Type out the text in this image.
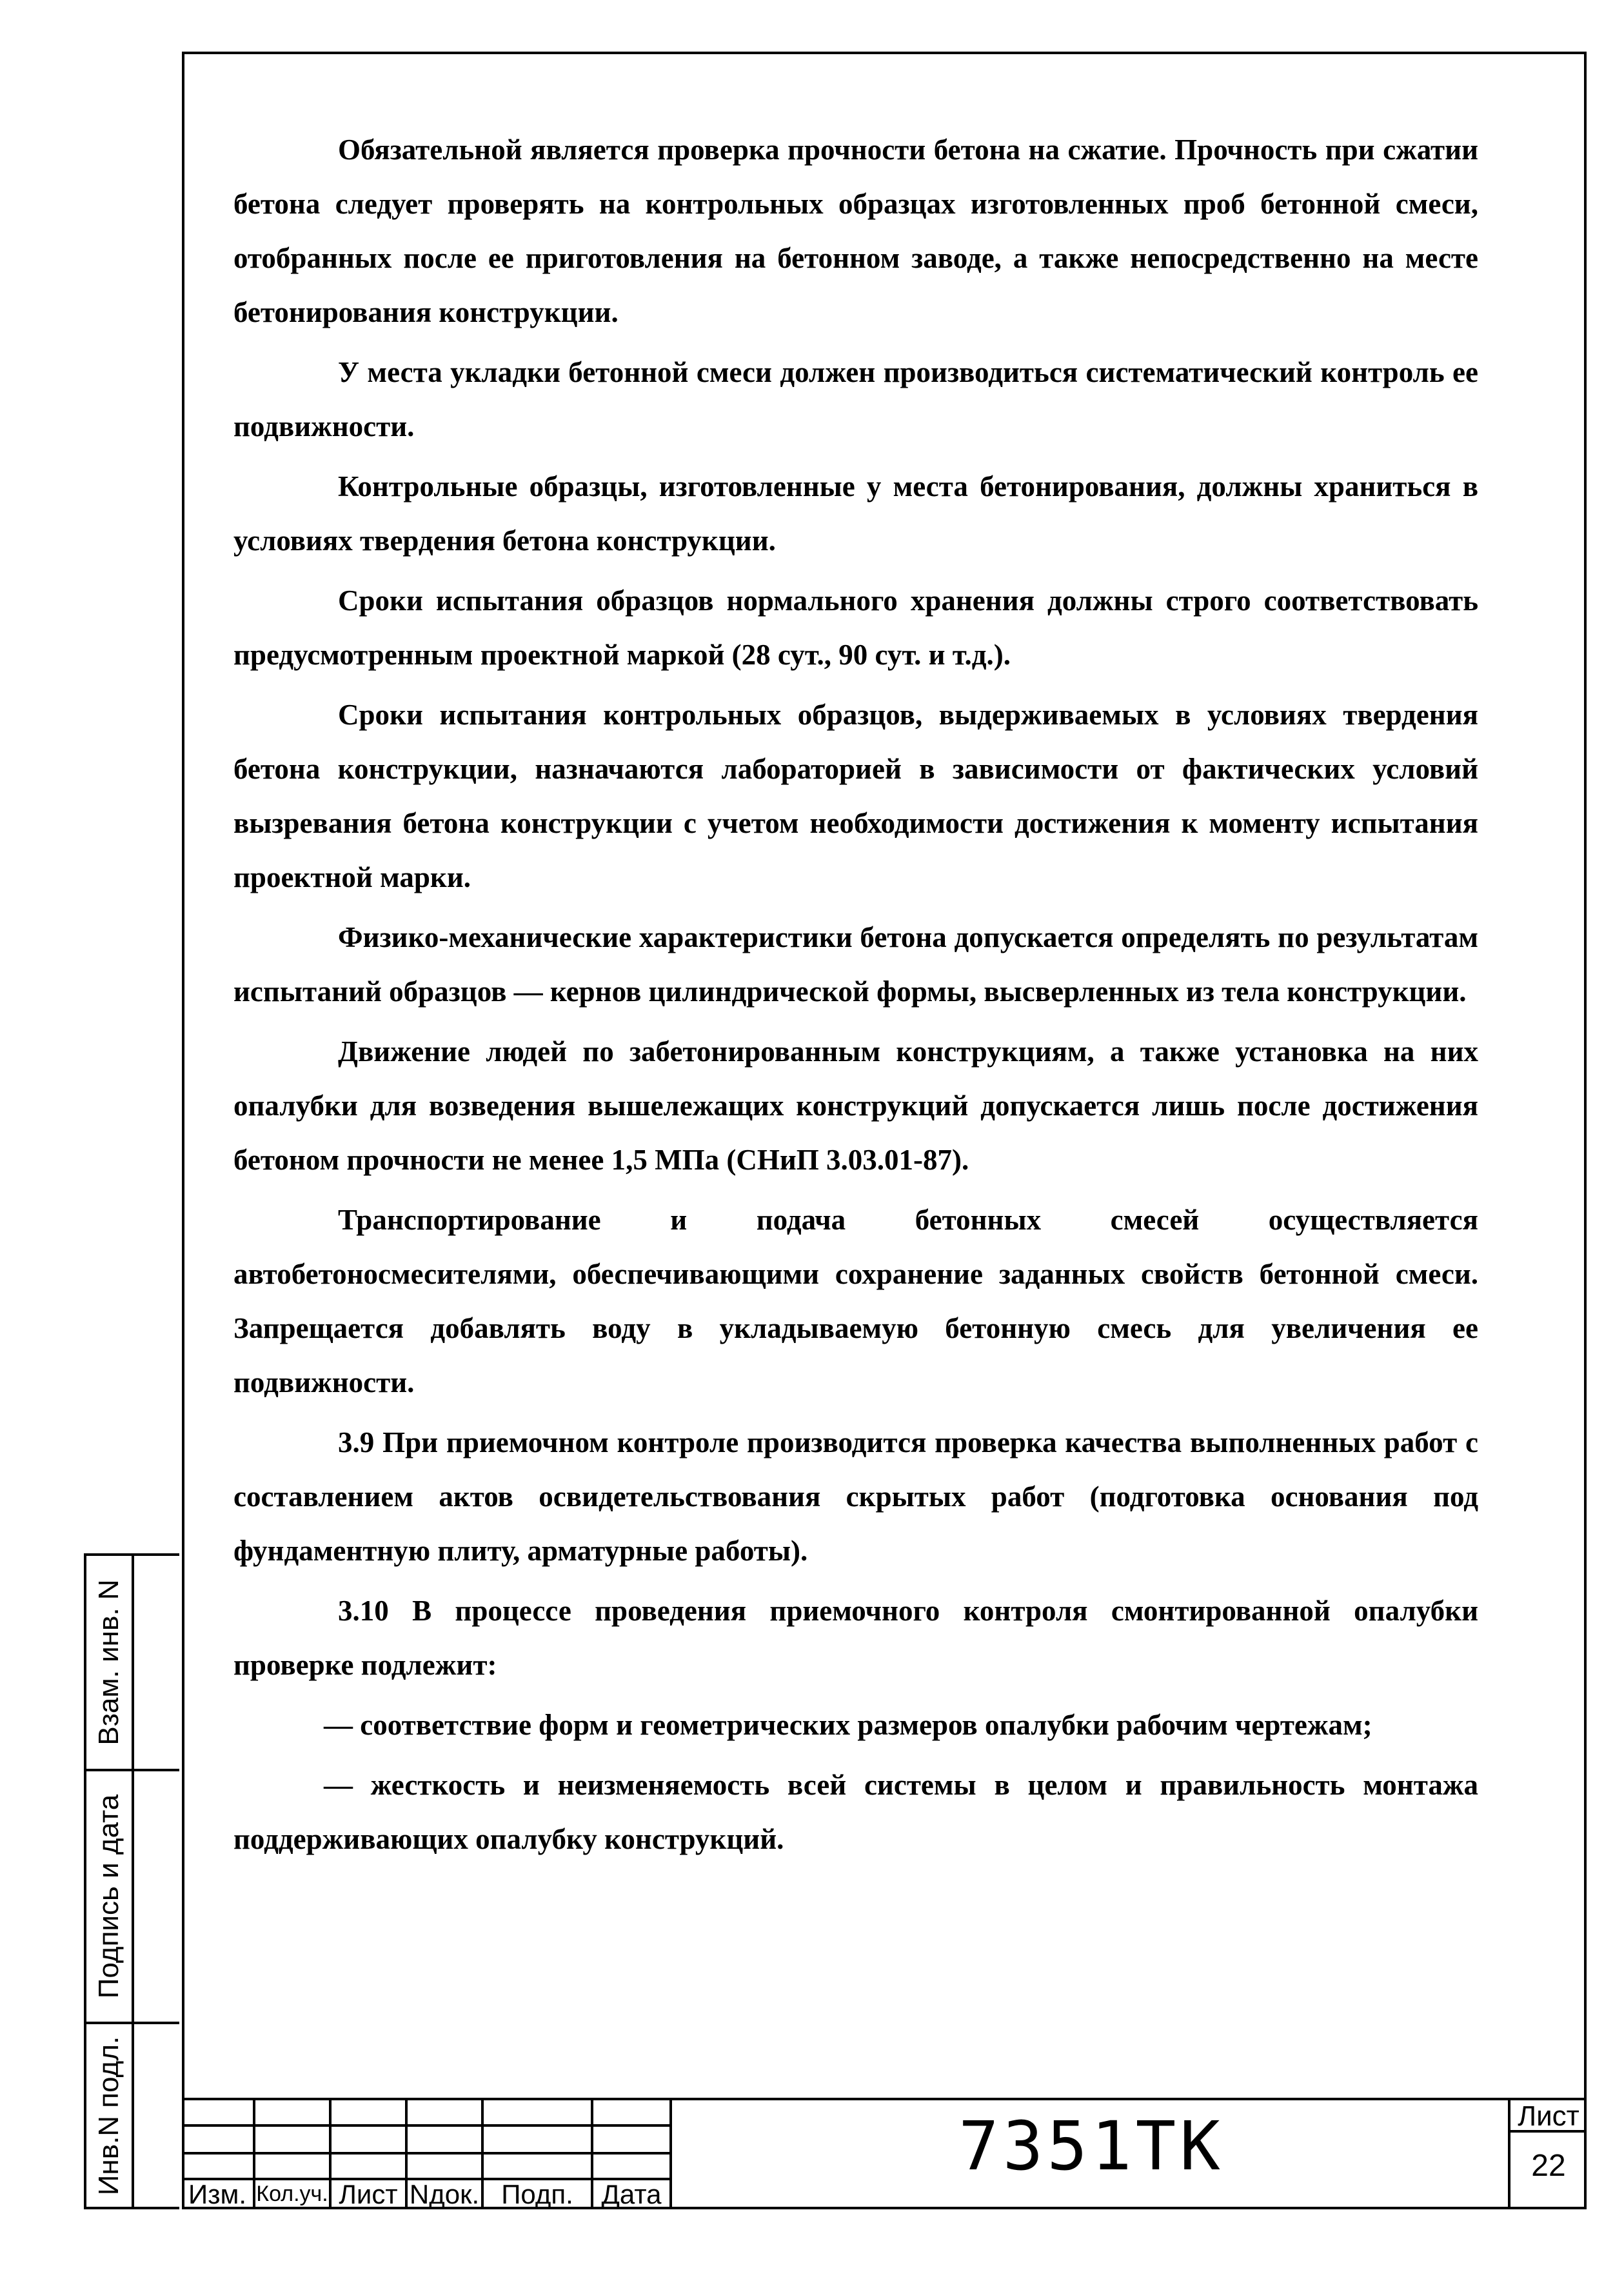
Обязательной является проверка прочности бетона на сжатие. Прочность при сжатии бетона следует проверять на контрольных образцах изготовленных проб бетонной смеси, отобранных после ее приготовления на бетонном заводе, а также непосредственно на месте бетонирования конструкции.

У места укладки бетонной смеси должен производиться систематический контроль ее подвижности.

Контрольные образцы, изготовленные у места бетонирования, должны храниться в условиях твердения бетона конструкции.

Сроки испытания образцов нормального хранения должны строго соответствовать предусмотренным проектной маркой (28 сут., 90 сут. и т.д.).

Сроки испытания контрольных образцов, выдерживаемых в условиях твердения бетона конструкции, назначаются лабораторией в зависимости от фактических условий вызревания бетона конструкции с учетом необходимости достижения к моменту испытания проектной марки.

Физико-механические характеристики бетона допускается определять по результатам испытаний образцов — кернов цилиндрической формы, высверленных из тела конструкции.

Движение людей по забетонированным конструкциям, а также установка на них опалубки для возведения вышележащих конструкций допускается лишь после достижения бетоном прочности не менее 1,5 МПа (СНиП 3.03.01-87).

Транспортирование и подача бетонных смесей осуществляется автобетоносмесителями, обеспечивающими сохранение заданных свойств бетонной смеси. Запрещается добавлять воду в укладываемую бетонную смесь для увеличения ее подвижности.

3.9 При приемочном контроле производится проверка качества выполненных работ с составлением актов освидетельствования скрытых работ (подготовка основания под фундаментную плиту, арматурные работы).

3.10 В процессе проведения приемочного контроля смонтированной опалубки проверке подлежит:

— соответствие форм и геометрических размеров опалубки рабочим чертежам;

— жесткость и неизменяемость всей системы в целом и правильность монтажа поддерживающих опалубку конструкций.

Взам. инв. N
Подпись и дата
Инв.N подл. Изм. Кол.уч. Лист Nдок. Подп.	Дата
7351ТК	Лист
22
